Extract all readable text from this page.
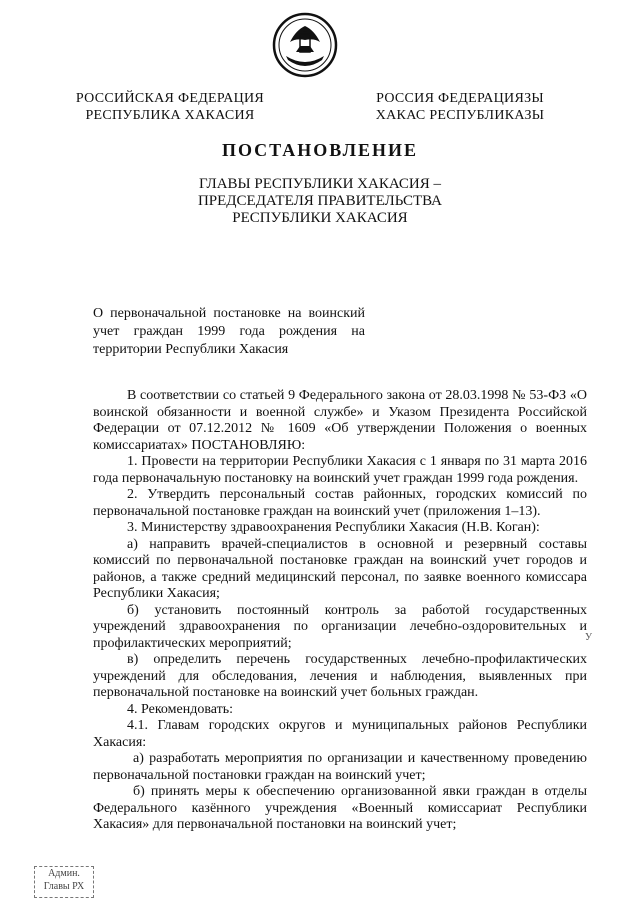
РОССИЙСКАЯ ФЕДЕРАЦИЯ
РЕСПУБЛИКА ХАКАСИЯ
РОССИЯ ФЕДЕРАЦИЯЗЫ
ХАКАС РЕСПУБЛИКАЗЫ
ПОСТАНОВЛЕНИЕ
ГЛАВЫ РЕСПУБЛИКИ ХАКАСИЯ –
ПРЕДСЕДАТЕЛЯ ПРАВИТЕЛЬСТВА
РЕСПУБЛИКИ ХАКАСИЯ
О первоначальной постановке на воинский учет граждан 1999 года рождения на территории Республики Хакасия

В соответствии со статьей 9 Федерального закона от 28.03.1998 № 53-ФЗ «О воинской обязанности и военной службе» и Указом Президента Российской Федерации от 07.12.2012 № 1609 «Об утверждении Положения о военных комиссариатах» ПОСТАНОВЛЯЮ:

1. Провести на территории Республики Хакасия с 1 января по 31 марта 2016 года первоначальную постановку на воинский учет граждан 1999 года рождения.

2. Утвердить персональный состав районных, городских комиссий по первоначальной постановке граждан на воинский учет (приложения 1–13).

3. Министерству здравоохранения Республики Хакасия (Н.В. Коган):

а) направить врачей-специалистов в основной и резервный составы комиссий по первоначальной постановке граждан на воинский учет городов и районов, а также средний медицинский персонал, по заявке военного комиссара Республики Хакасия;

б) установить постоянный контроль за работой государственных учреждений здравоохранения по организации лечебно-оздоровительных и профилактических мероприятий;

в) определить перечень государственных лечебно-профилактических учреждений для обследования, лечения и наблюдения, выявленных при первоначальной постановке на воинский учет больных граждан.

4. Рекомендовать:

4.1. Главам городских округов и муниципальных районов Республики Хакасия:

а) разработать мероприятия по организации и качественному проведению первоначальной постановки граждан на воинский учет;

б) принять меры к обеспечению организованной явки граждан в отделы Федерального казённого учреждения «Военный комиссариат Республики Хакасия» для первоначальной постановки на воинский учет;

У
Админ.
Главы РХ
